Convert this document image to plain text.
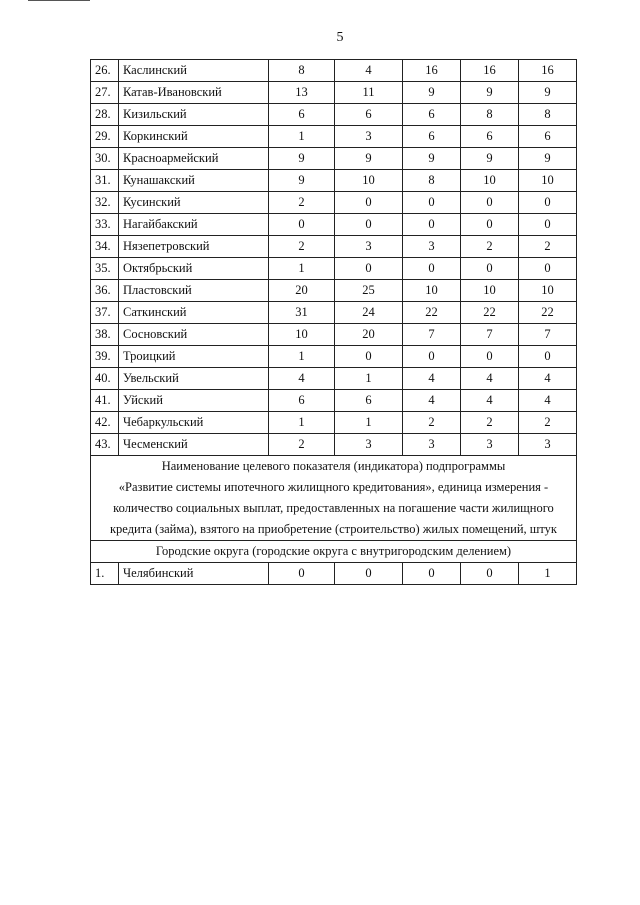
5
26.	Каслинский	8	4	16	16	16
27.	Катав-Ивановский	13	11	9	9	9
28.	Кизильский	6	6	6	8	8
29.	Коркинский	1	3	6	6	6
30.	Красноармейский	9	9	9	9	9
31.	Кунашакский	9	10	8	10	10
32.	Кусинский	2	0	0	0	0
33.	Нагайбакский	0	0	0	0	0
34.	Нязепетровский	2	3	3	2	2
35.	Октябрьский	1	0	0	0	0
36.	Пластовский	20	25	10	10	10
37.	Саткинский	31	24	22	22	22
38.	Сосновский	10	20	7	7	7
39.	Троицкий	1	0	0	0	0
40.	Увельский	4	1	4	4	4
41.	Уйский	6	6	4	4	4
42.	Чебаркульский	1	1	2	2	2
43.	Чесменский	2	3	3	3	3

Наименование целевого показателя (индикатора) подпрограммы
«Развитие системы ипотечного жилищного кредитования», единица измерения -
количество социальных выплат, предоставленных на погашение части жилищного
кредита (займа), взятого на приобретение (строительство) жилых помещений, штук						

Городские округа (городские округа с внутригородским делением)						
1.	Челябинский	0	0	0	0	1
